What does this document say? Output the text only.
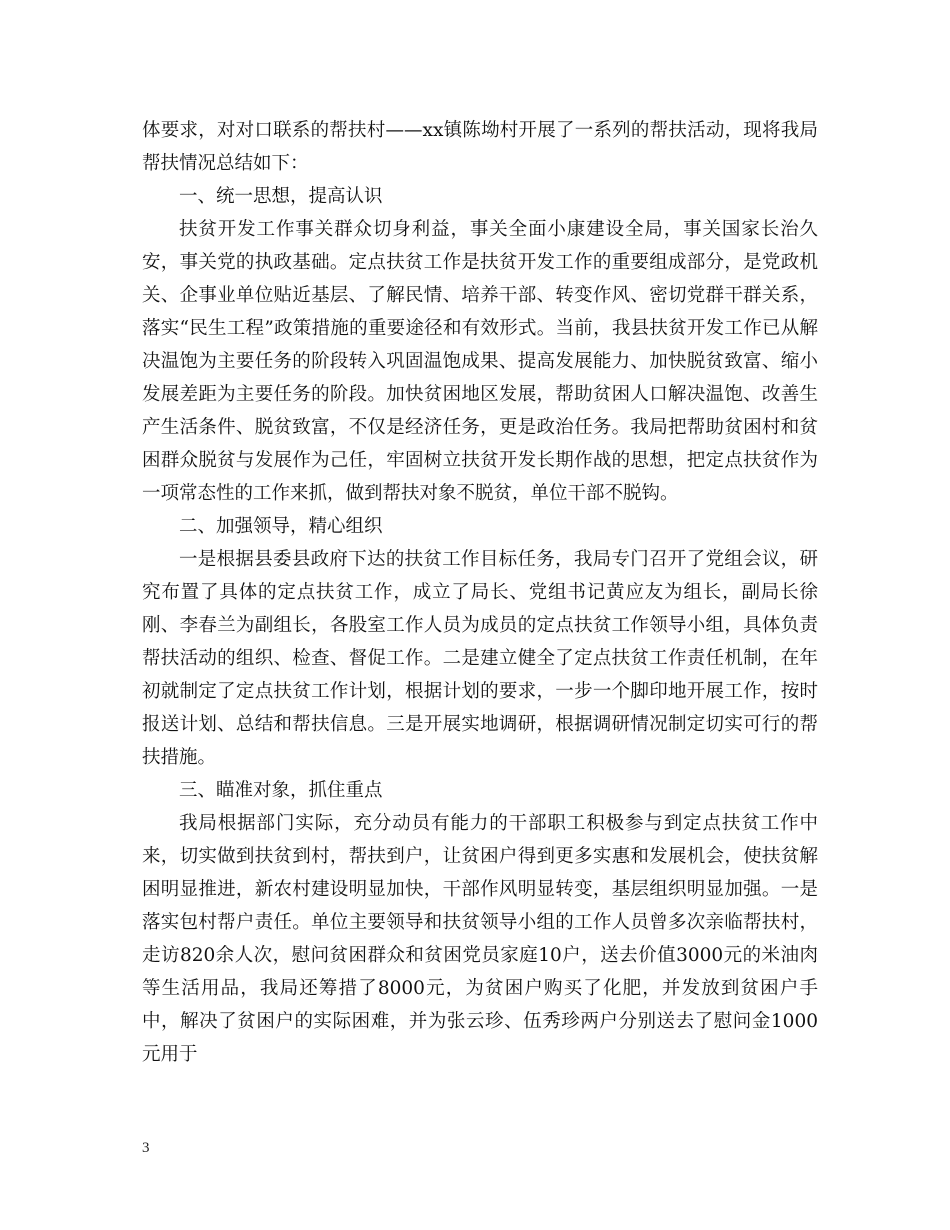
体要求，对对口联系的帮扶村——xx镇陈坳村开展了一系列的帮扶活动，现将我局帮扶情况总结如下：

一、统一思想，提高认识

扶贫开发工作事关群众切身利益，事关全面小康建设全局，事关国家长治久安，事关党的执政基础。定点扶贫工作是扶贫开发工作的重要组成部分，是党政机关、企事业单位贴近基层、了解民情、培养干部、转变作风、密切党群干群关系，落实“民生工程”政策措施的重要途径和有效形式。当前，我县扶贫开发工作已从解决温饱为主要任务的阶段转入巩固温饱成果、提高发展能力、加快脱贫致富、缩小发展差距为主要任务的阶段。加快贫困地区发展，帮助贫困人口解决温饱、改善生产生活条件、脱贫致富，不仅是经济任务，更是政治任务。我局把帮助贫困村和贫困群众脱贫与发展作为己任，牢固树立扶贫开发长期作战的思想，把定点扶贫作为一项常态性的工作来抓，做到帮扶对象不脱贫，单位干部不脱钩。

二、加强领导，精心组织

一是根据县委县政府下达的扶贫工作目标任务，我局专门召开了党组会议，研究布置了具体的定点扶贫工作，成立了局长、党组书记黄应友为组长，副局长徐刚、李春兰为副组长，各股室工作人员为成员的定点扶贫工作领导小组，具体负责帮扶活动的组织、检查、督促工作。二是建立健全了定点扶贫工作责任机制，在年初就制定了定点扶贫工作计划，根据计划的要求，一步一个脚印地开展工作，按时报送计划、总结和帮扶信息。三是开展实地调研，根据调研情况制定切实可行的帮扶措施。

三、瞄准对象，抓住重点

我局根据部门实际，充分动员有能力的干部职工积极参与到定点扶贫工作中来，切实做到扶贫到村，帮扶到户，让贫困户得到更多实惠和发展机会，使扶贫解困明显推进，新农村建设明显加快，干部作风明显转变，基层组织明显加强。一是落实包村帮户责任。单位主要领导和扶贫领导小组的工作人员曾多次亲临帮扶村，走访820余人次，慰问贫困群众和贫困党员家庭10户，送去价值3000元的米油肉等生活用品，我局还筹措了8000元，为贫困户购买了化肥，并发放到贫困户手中，解决了贫困户的实际困难，并为张云珍、伍秀珍两户分别送去了慰问金1000元用于

3
